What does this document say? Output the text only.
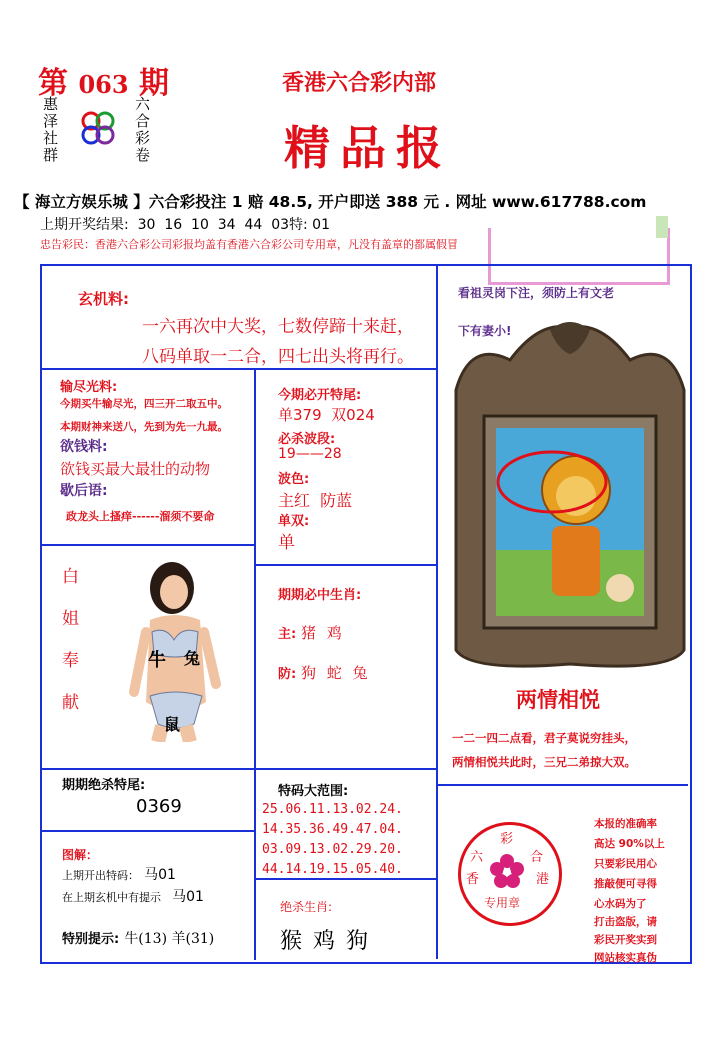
第 063 期
惠泽社群	六合彩卷
香港六合彩内部
精品报
【 海立方娱乐城 】六合彩投注 1 赔 48.5, 开户即送 388 元 . 网址 www.617788.com
上期开奖结果:  30  16  10  34  44  03特: 01
忠告彩民：香港六合彩公司彩报均盖有香港六合彩公司专用章，凡没有盖章的都属假冒
玄机料:
一六再次中大奖，七数停蹄十来赶，
八码单取一二合，四七出头将再行。
看祖灵岗下注，须防上有文老
下有妻小!
输尽光料:
今期买牛输尽光，四三开二取五中。
本期财神来送八，先到为先一九最。
欲钱料:
欲钱买最大最壮的动物
歇后语:
政龙头上搔痒------溜须不要命
白
姐
奉
献
牛 兔
鼠
今期必开特尾:
单379  双024
必杀波段:
19——28
波色:
主红  防蓝
单双:
单
期期必中生肖:
主: 猪 鸡
防: 狗 蛇 兔
两情相悦
一二一四二点看，君子莫说穷挂头，
两情相悦共此时，三兄二弟掠大双。
期期绝杀特尾:
0369
特码大范围:
25.06.11.13.02.24.
14.35.36.49.47.04.
03.09.13.02.29.20.
44.14.19.15.05.40.
图解：
上期开出特码： 马01
在上期玄机中有提示 马01
特别提示: 牛(13) 羊(31)
绝杀生肖:
猴 鸡 狗
彩
六	合
香	港
专用章
本报的准确率
高达 90%以上
只要彩民用心
推敲便可寻得
心水码为了
打击盗版，请
彩民开奖实到
网站核实真伪
